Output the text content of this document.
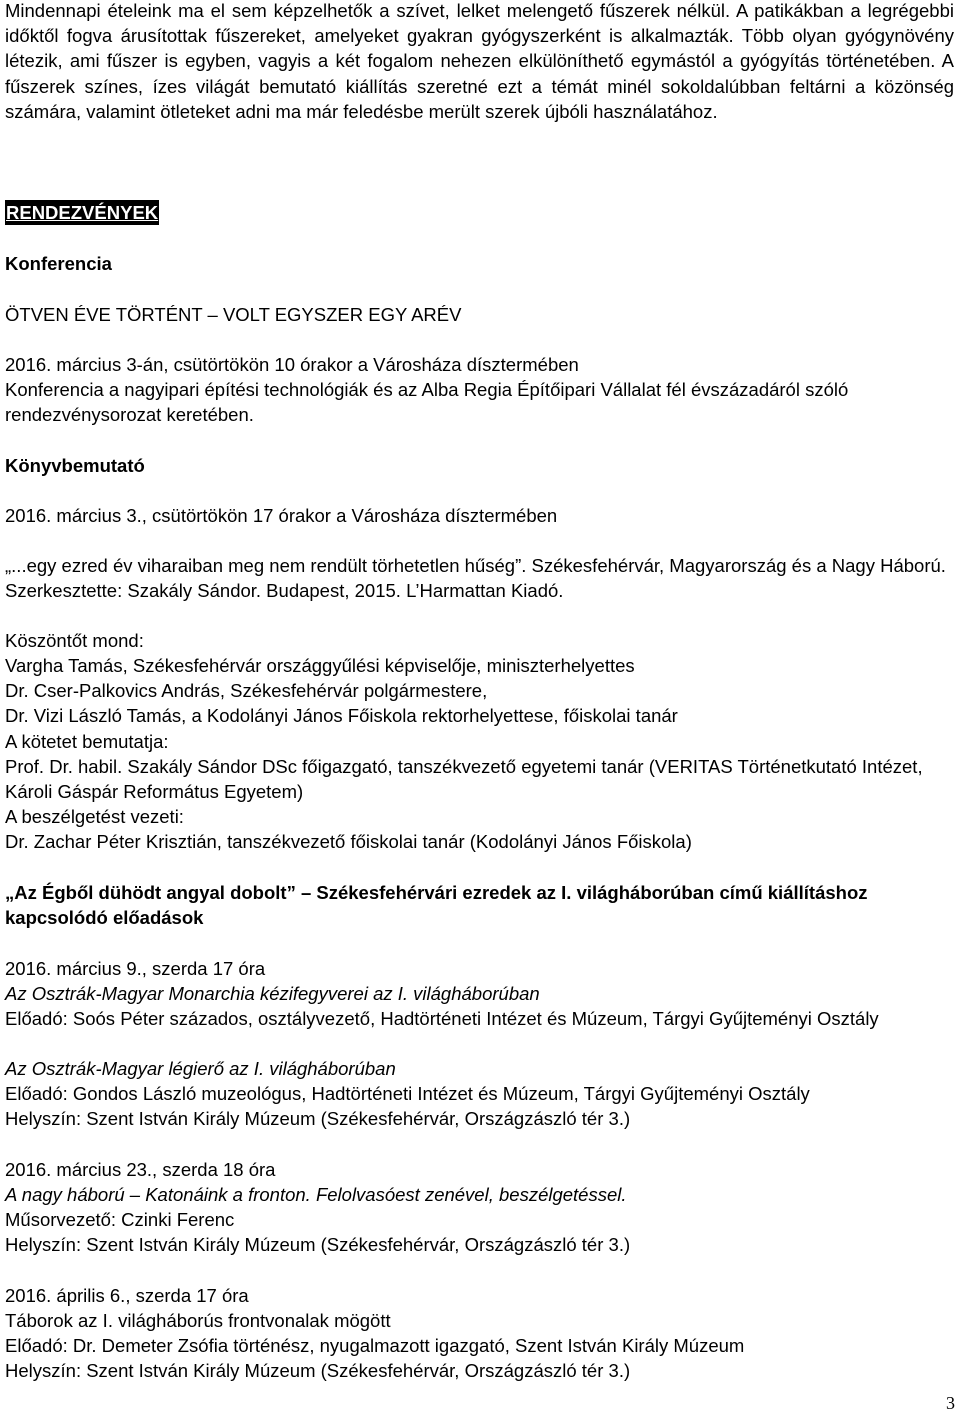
Mindennapi ételeink ma el sem képzelhetők a szívet, lelket melengető fűszerek nélkül. A patikákban a legrégebbi időktől fogva árusítottak fűszereket, amelyeket gyakran gyógyszerként is alkalmazták. Több olyan gyógynövény létezik, ami fűszer is egyben, vagyis a két fogalom nehezen elkülöníthető egymástól a gyógyítás történetében. A fűszerek színes, ízes világát bemutató kiállítás szeretné ezt a témát minél sokoldalúbban feltárni a közönség számára, valamint ötleteket adni ma már feledésbe merült szerek újbóli használatához.

RENDEZVÉNYEK

Konferencia

ÖTVEN ÉVE TÖRTÉNT – VOLT EGYSZER EGY ARÉV

2016. március 3-án, csütörtökön 10 órakor a Városháza dísztermében

Konferencia a nagyipari építési technológiák és az Alba Regia Építőipari Vállalat fél évszázadáról szóló rendezvénysorozat keretében.

Könyvbemutató

2016. március 3., csütörtökön 17 órakor a Városháza dísztermében

„...egy ezred év viharaiban meg nem rendült törhetetlen hűség”. Székesfehérvár, Magyarország és a Nagy Háború. Szerkesztette: Szakály Sándor. Budapest, 2015. L’Harmattan Kiadó.

Köszöntőt mond:

Vargha Tamás, Székesfehérvár országgyűlési képviselője, miniszterhelyettes

Dr. Cser-Palkovics András, Székesfehérvár polgármestere,

Dr. Vizi László Tamás, a Kodolányi János Főiskola rektorhelyettese, főiskolai tanár

A kötetet bemutatja:

Prof. Dr. habil. Szakály Sándor DSc főigazgató, tanszékvezető egyetemi tanár (VERITAS Történetkutató Intézet, Károli Gáspár Református Egyetem)

A beszélgetést vezeti:

Dr. Zachar Péter Krisztián, tanszékvezető főiskolai tanár (Kodolányi János Főiskola)

„Az Égből dühödt angyal dobolt” – Székesfehérvári ezredek az I. világháborúban című kiállításhoz kapcsolódó előadások

2016. március 9., szerda 17 óra

Az Osztrák-Magyar Monarchia kézifegyverei az I. világháborúban

Előadó: Soós Péter százados, osztályvezető, Hadtörténeti Intézet és Múzeum, Tárgyi Gyűjteményi Osztály

Az Osztrák-Magyar légierő az I. világháborúban

Előadó: Gondos László muzeológus, Hadtörténeti Intézet és Múzeum, Tárgyi Gyűjteményi Osztály

Helyszín: Szent István Király Múzeum (Székesfehérvár, Országzászló tér 3.)

2016. március 23., szerda 18 óra

A nagy háború – Katonáink a fronton. Felolvasóest zenével, beszélgetéssel.

Műsorvezető: Czinki Ferenc

Helyszín: Szent István Király Múzeum (Székesfehérvár, Országzászló tér 3.)

2016. április 6., szerda 17 óra

Táborok az I. világháborús frontvonalak mögött

Előadó: Dr. Demeter Zsófia történész, nyugalmazott igazgató, Szent István Király Múzeum

Helyszín: Szent István Király Múzeum (Székesfehérvár, Országzászló tér 3.)

3
